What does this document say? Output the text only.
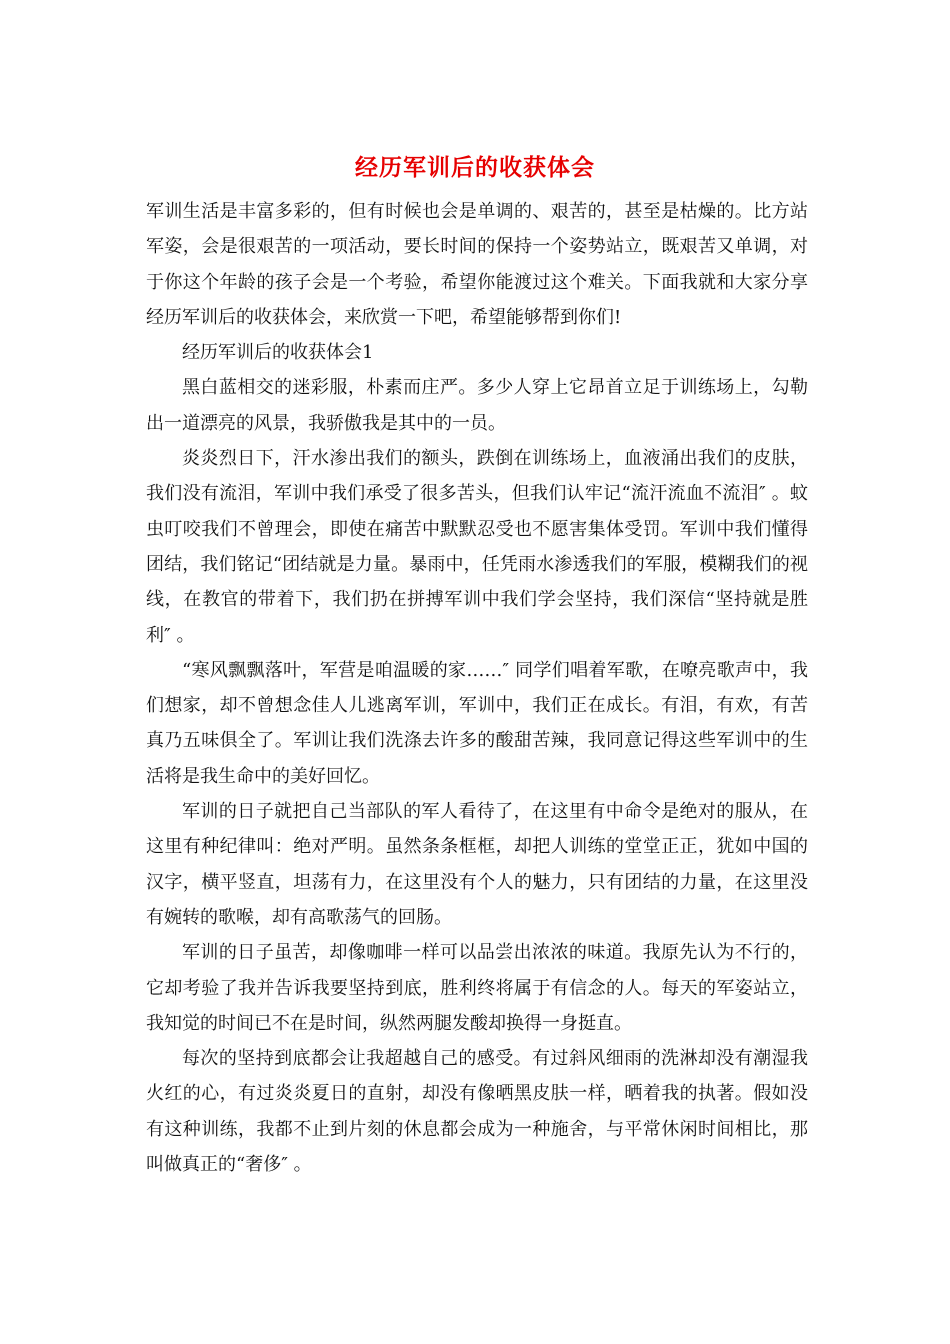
经历军训后的收获体会

军训生活是丰富多彩的，但有时候也会是单调的、艰苦的，甚至是枯燥的。比方站军姿，会是很艰苦的一项活动，要长时间的保持一个姿势站立，既艰苦又单调，对于你这个年龄的孩子会是一个考验，希望你能渡过这个难关。下面我就和大家分享经历军训后的收获体会，来欣赏一下吧，希望能够帮到你们!

经历军训后的收获体会1

黑白蓝相交的迷彩服，朴素而庄严。多少人穿上它昂首立足于训练场上，勾勒出一道漂亮的风景，我骄傲我是其中的一员。

炎炎烈日下，汗水渗出我们的额头，跌倒在训练场上，血液涌出我们的皮肤，我们没有流泪，军训中我们承受了很多苦头，但我们认牢记“流汗流血不流泪″ 。蚊虫叮咬我们不曾理会，即使在痛苦中默默忍受也不愿害集体受罚。军训中我们懂得团结，我们铭记“团结就是力量。暴雨中，任凭雨水渗透我们的军服，模糊我们的视线，在教官的带着下，我们扔在拼搏军训中我们学会坚持，我们深信“坚持就是胜利″ 。

“寒风飘飘落叶，军营是咱温暖的家……″ 同学们唱着军歌，在嘹亮歌声中，我们想家，却不曾想念佳人儿逃离军训，军训中，我们正在成长。有泪，有欢，有苦真乃五味俱全了。军训让我们洗涤去许多的酸甜苦辣，我同意记得这些军训中的生活将是我生命中的美好回忆。

军训的日子就把自己当部队的军人看待了，在这里有中命令是绝对的服从，在这里有种纪律叫：绝对严明。虽然条条框框，却把人训练的堂堂正正，犹如中国的汉字，横平竖直，坦荡有力，在这里没有个人的魅力，只有团结的力量，在这里没有婉转的歌喉，却有高歌荡气的回肠。

军训的日子虽苦，却像咖啡一样可以品尝出浓浓的味道。我原先认为不行的，它却考验了我并告诉我要坚持到底，胜利终将属于有信念的人。每天的军姿站立，我知觉的时间已不在是时间，纵然两腿发酸却换得一身挺直。

每次的坚持到底都会让我超越自己的感受。有过斜风细雨的洗淋却没有潮湿我火红的心，有过炎炎夏日的直射，却没有像晒黑皮肤一样，晒着我的执著。假如没有这种训练，我都不止到片刻的休息都会成为一种施舍，与平常休闲时间相比，那叫做真正的“奢侈″ 。
